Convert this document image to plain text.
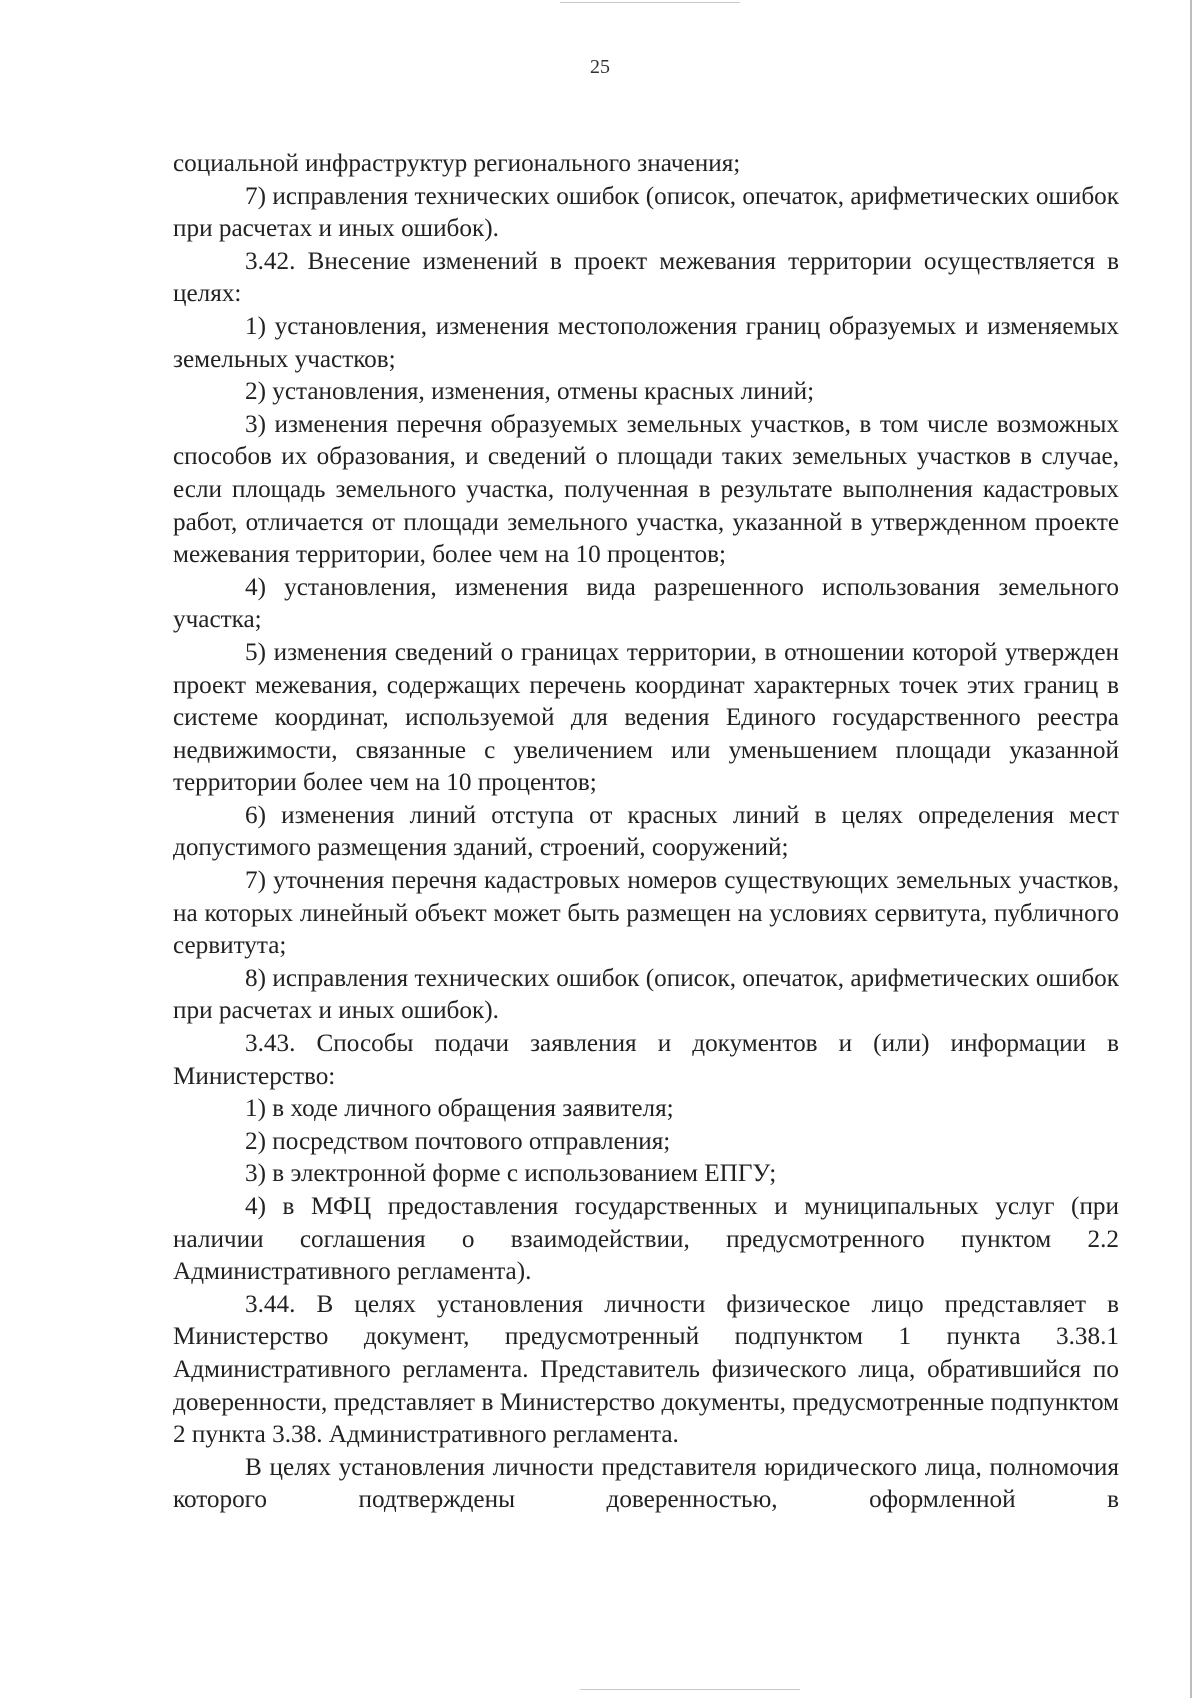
25

социальной инфраструктур регионального значения;

7) исправления технических ошибок (описок, опечаток, арифметических ошибок при расчетах и иных ошибок).

3.42. Внесение изменений в проект межевания территории осуществляется в целях:

1) установления, изменения местоположения границ образуемых и изменяемых земельных участков;

2) установления, изменения, отмены красных линий;

3) изменения перечня образуемых земельных участков, в том числе возможных способов их образования, и сведений о площади таких земельных участков в случае, если площадь земельного участка, полученная в результате выполнения кадастровых работ, отличается от площади земельного участка, указанной в утвержденном проекте межевания территории, более чем на 10 процентов;

4) установления, изменения вида разрешенного использования земельного участка;

5) изменения сведений о границах территории, в отношении которой утвержден проект межевания, содержащих перечень координат характерных точек этих границ в системе координат, используемой для ведения Единого государственного реестра недвижимости, связанные с увеличением или уменьшением площади указанной территории более чем на 10 процентов;

6) изменения линий отступа от красных линий в целях определения мест допустимого размещения зданий, строений, сооружений;

7) уточнения перечня кадастровых номеров существующих земельных участков, на которых линейный объект может быть размещен на условиях сервитута, публичного сервитута;

8) исправления технических ошибок (описок, опечаток, арифметических ошибок при расчетах и иных ошибок).

3.43. Способы подачи заявления и документов и (или) информации в Министерство:

1) в ходе личного обращения заявителя;

2) посредством почтового отправления;

3) в электронной форме с использованием ЕПГУ;

4) в МФЦ предоставления государственных и муниципальных услуг (при наличии соглашения о взаимодействии, предусмотренного пунктом 2.2 Административного регламента).

3.44. В целях установления личности физическое лицо представляет в Министерство документ, предусмотренный подпунктом 1 пункта 3.38.1 Административного регламента. Представитель физического лица, обратившийся по доверенности, представляет в Министерство документы, предусмотренные подпунктом 2 пункта 3.38. Административного регламента.

В целях установления личности представителя юридического лица, полномочия которого подтверждены доверенностью, оформленной в
